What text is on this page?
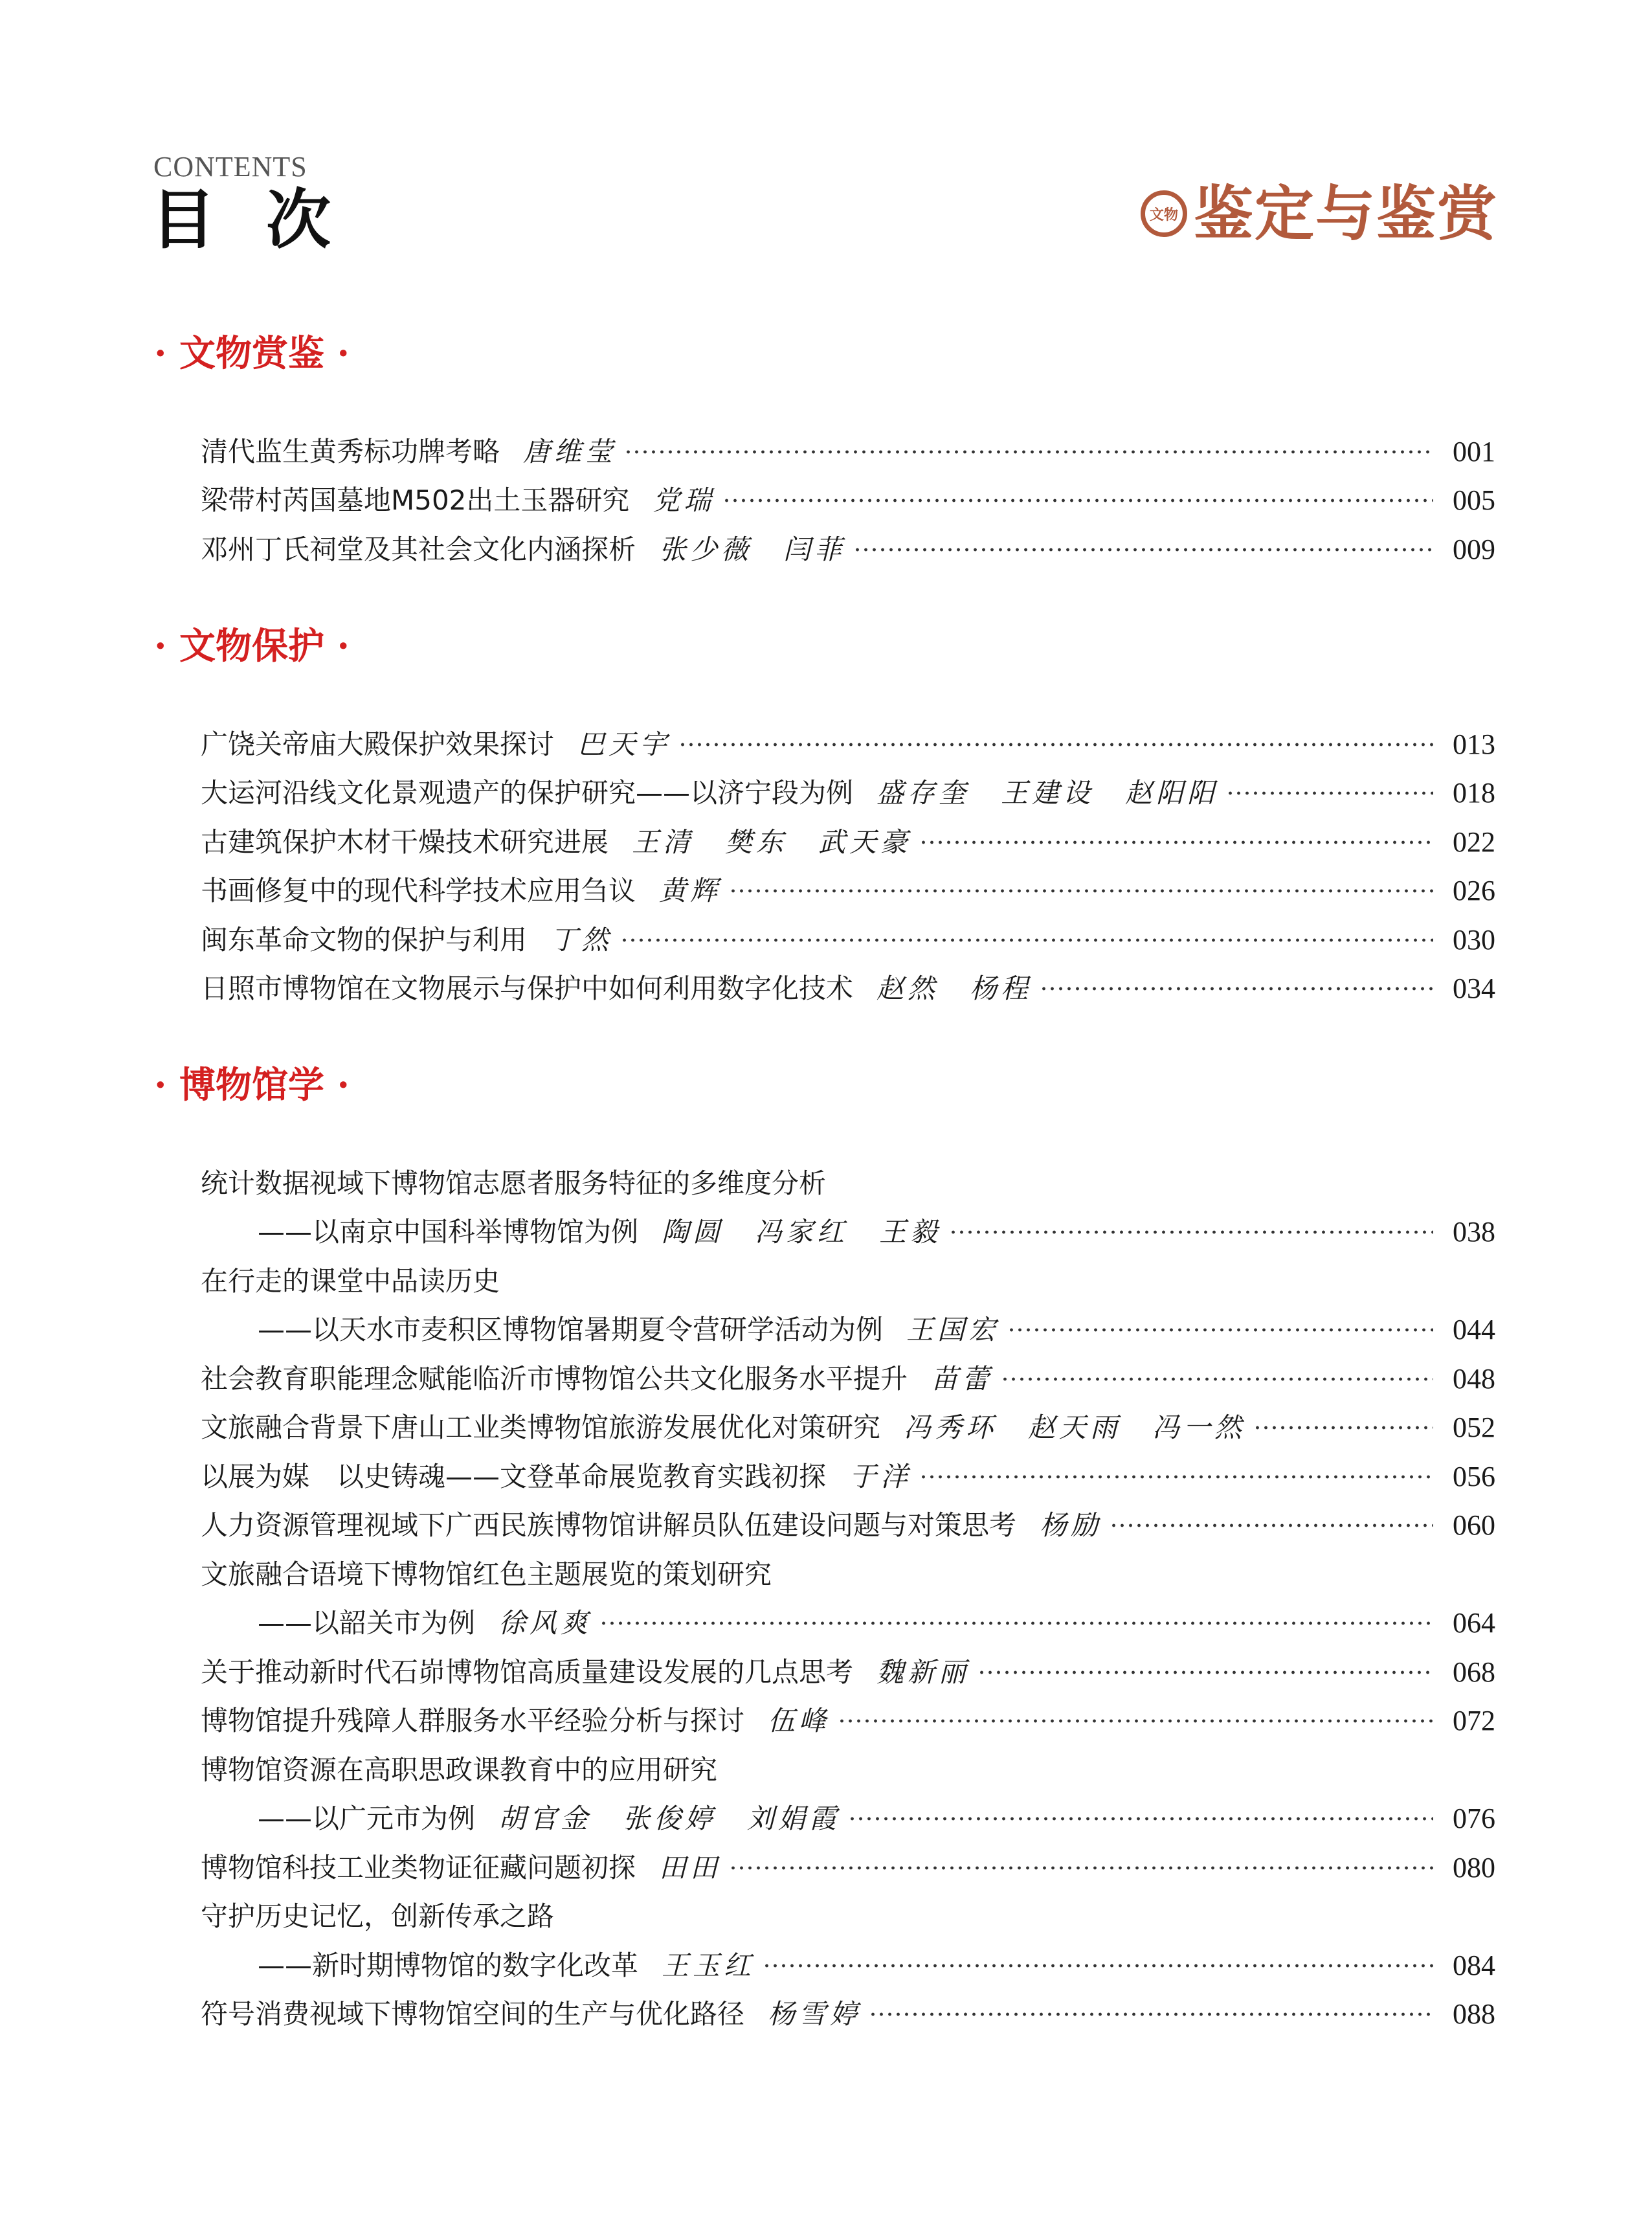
CONTENTS
目次	文物 鉴定与鉴赏
· 文物赏鉴 ·
清代监生黄秀标功牌考略 唐维莹	001
梁带村芮国墓地M502出土玉器研究 党瑞	005
邓州丁氏祠堂及其社会文化内涵探析 张少薇　闫菲	009
· 文物保护 ·
广饶关帝庙大殿保护效果探讨 巴天宇	013
大运河沿线文化景观遗产的保护研究——以济宁段为例 盛存奎　王建设　赵阳阳	018
古建筑保护木材干燥技术研究进展 王清　樊东　武天豪	022
书画修复中的现代科学技术应用刍议 黄辉	026
闽东革命文物的保护与利用 丁然	030
日照市博物馆在文物展示与保护中如何利用数字化技术 赵然　杨程	034
· 博物馆学 ·
统计数据视域下博物馆志愿者服务特征的多维度分析
——以南京中国科举博物馆为例 陶圆　冯家红　王毅	038
在行走的课堂中品读历史
——以天水市麦积区博物馆暑期夏令营研学活动为例 王国宏	044
社会教育职能理念赋能临沂市博物馆公共文化服务水平提升 苗蕾	048
文旅融合背景下唐山工业类博物馆旅游发展优化对策研究 冯秀环　赵天雨　冯一然	052
以展为媒　以史铸魂——文登革命展览教育实践初探 于洋	056
人力资源管理视域下广西民族博物馆讲解员队伍建设问题与对策思考 杨励	060
文旅融合语境下博物馆红色主题展览的策划研究
——以韶关市为例 徐风爽	064
关于推动新时代石峁博物馆高质量建设发展的几点思考 魏新丽	068
博物馆提升残障人群服务水平经验分析与探讨 伍峰	072
博物馆资源在高职思政课教育中的应用研究
——以广元市为例 胡官金　张俊婷　刘娟霞	076
博物馆科技工业类物证征藏问题初探 田田	080
守护历史记忆，创新传承之路
——新时期博物馆的数字化改革 王玉红	084
符号消费视域下博物馆空间的生产与优化路径 杨雪婷	088
